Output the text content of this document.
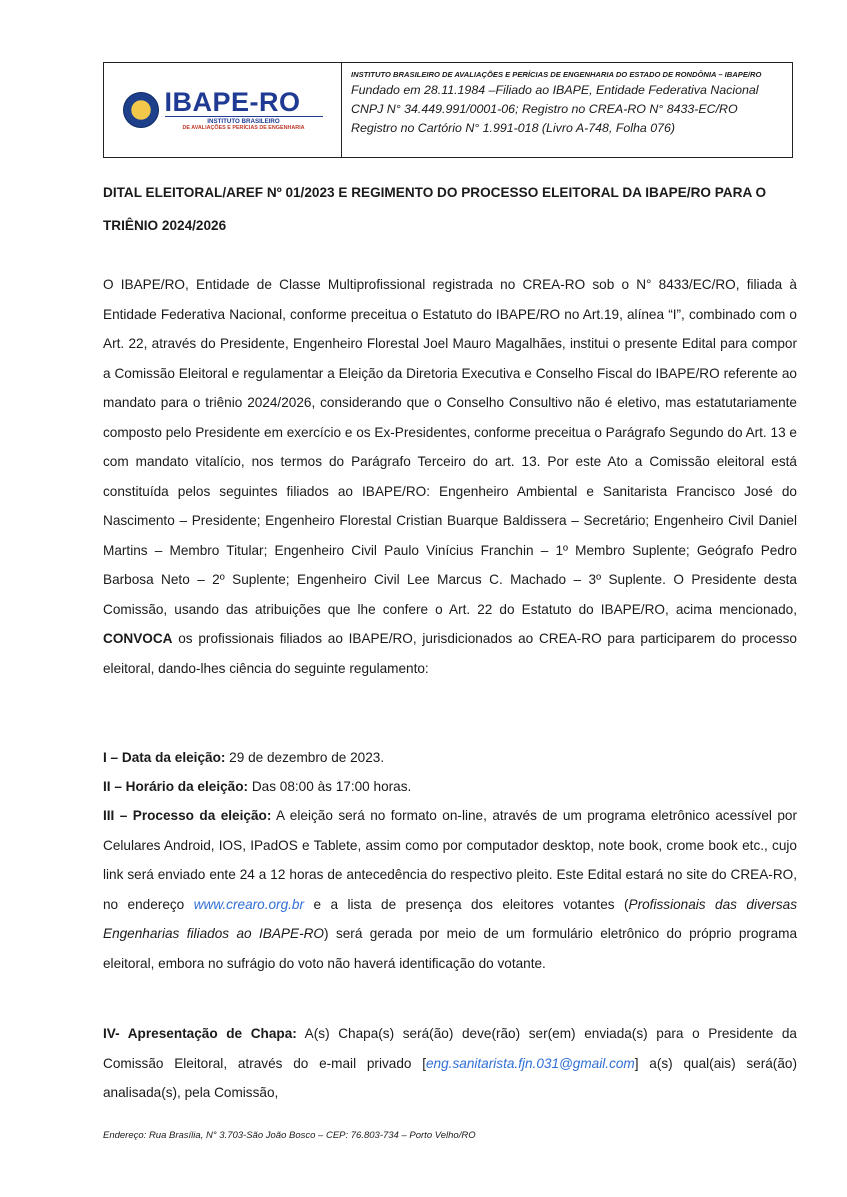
IBAPE-RO
INSTITUTO BRASILEIRO
DE AVALIAÇÕES E PERÍCIAS DE ENGENHARIA
INSTITUTO BRASILEIRO DE AVALIAÇÕES E PERÍCIAS DE ENGENHARIA DO ESTADO DE RONDÔNIA – IBAPE/RO
Fundado em 28.11.1984 –Filiado ao IBAPE, Entidade Federativa Nacional
CNPJ N° 34.449.991/0001-06; Registro no CREA-RO N° 8433-EC/RO
Registro no Cartório N° 1.991-018 (Livro A-748, Folha 076)

DITAL ELEITORAL/AREF Nº 01/2023 E REGIMENTO DO PROCESSO ELEITORAL DA IBAPE/RO PARA O TRIÊNIO 2024/2026

O IBAPE/RO, Entidade de Classe Multiprofissional registrada no CREA-RO sob o N° 8433/EC/RO, filiada à Entidade Federativa Nacional, conforme preceitua o Estatuto do IBAPE/RO no Art.19, alínea “I”, combinado com o Art. 22, através do Presidente, Engenheiro Florestal Joel Mauro Magalhães, institui o presente Edital para compor a Comissão Eleitoral e regulamentar a Eleição da Diretoria Executiva e Conselho Fiscal do IBAPE/RO referente ao mandato para o triênio 2024/2026, considerando que o Conselho Consultivo não é eletivo, mas estatutariamente composto pelo Presidente em exercício e os Ex-Presidentes, conforme preceitua o Parágrafo Segundo do Art. 13 e com mandato vitalício, nos termos do Parágrafo Terceiro do art. 13. Por este Ato a Comissão eleitoral está constituída pelos seguintes filiados ao IBAPE/RO: Engenheiro Ambiental e Sanitarista Francisco José do Nascimento – Presidente; Engenheiro Florestal Cristian Buarque Baldissera – Secretário; Engenheiro Civil Daniel Martins – Membro Titular; Engenheiro Civil Paulo Vinícius Franchin – 1º Membro Suplente; Geógrafo Pedro Barbosa Neto – 2º Suplente; Engenheiro Civil Lee Marcus C. Machado – 3º Suplente. O Presidente desta Comissão, usando das atribuições que lhe confere o Art. 22 do Estatuto do IBAPE/RO, acima mencionado, CONVOCA os profissionais filiados ao IBAPE/RO, jurisdicionados ao CREA-RO para participarem do processo eleitoral, dando-lhes ciência do seguinte regulamento:

I – Data da eleição: 29 de dezembro de 2023.

II – Horário da eleição: Das 08:00 às 17:00 horas.

III – Processo da eleição: A eleição será no formato on-line, através de um programa eletrônico acessível por Celulares Android, IOS, IPadOS e Tablete, assim como por computador desktop, note book, crome book etc., cujo link será enviado ente 24 a 12 horas de antecedência do respectivo pleito. Este Edital estará no site do CREA-RO, no endereço www.crearo.org.br e a lista de presença dos eleitores votantes (Profissionais das diversas Engenharias filiados ao IBAPE-RO) será gerada por meio de um formulário eletrônico do próprio programa eleitoral, embora no sufrágio do voto não haverá identificação do votante.

IV- Apresentação de Chapa: A(s) Chapa(s) será(ão) deve(rão) ser(em) enviada(s) para o Presidente da Comissão Eleitoral, através do e-mail privado [eng.sanitarista.fjn.031@gmail.com] a(s) qual(ais) será(ão) analisada(s), pela Comissão,

Endereço: Rua Brasília, N° 3.703-São João Bosco – CEP: 76.803-734 – Porto Velho/RO
